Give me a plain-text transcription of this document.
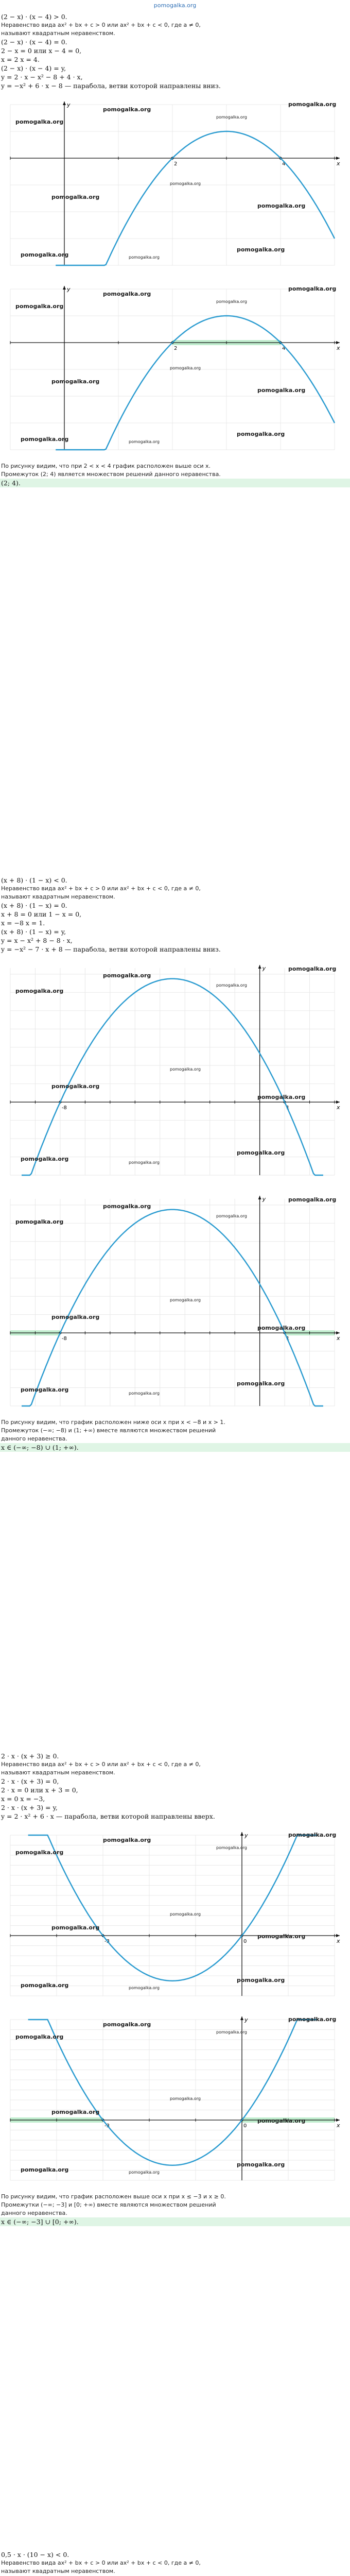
pomogalka.org
(2 − x) · (x − 4) > 0.
Неравенство вида ax² + bx + c > 0 или ax² + bx + c < 0, где a ≠ 0,
называют квадратным неравенством.
(2 − x) · (x − 4) = 0.
2 − x = 0 или x − 4 = 0,
x = 2 x = 4.
(2 − x) · (x − 4) = y,
y = 2 · x − x² − 8 + 4 · x,
y = −x² + 6 · x − 8 — парабола, ветви которой направлены вниз.
x
y
2	4
pomogalka.org
pomogalka.org
pomogalka.org
pomogalka.org
pomogalka.org
pomogalka.org
pomogalka.org
pomogalka.org	pomogalka.org
pomogalka.org
x
y
2	4
pomogalka.org
pomogalka.org
pomogalka.org
pomogalka.org
pomogalka.org
pomogalka.org
pomogalka.org
pomogalka.org	pomogalka.org
pomogalka.org
По рисунку видим, что при 2 < x < 4 график расположен выше оси x.
Промежуток (2; 4) является множеством решений данного неравенства.
(2; 4).
(x + 8) · (1 − x) < 0.
Неравенство вида ax² + bx + c > 0 или ax² + bx + c < 0, где a ≠ 0,
называют квадратным неравенством.
(x + 8) · (1 − x) = 0.
x + 8 = 0 или 1 − x = 0,
x = −8 x = 1.
(x + 8) · (1 − x) = y,
y = x − x² + 8 − 8 · x,
y = −x² − 7 · x + 8 — парабола, ветви которой направлены вниз.
x
y
-8	1
pomogalka.org
pomogalka.org
pomogalka.org
pomogalka.org
pomogalka.org
pomogalka.org
pomogalka.org
pomogalka.org
pomogalka.org
pomogalka.org
x
y
-8	1
pomogalka.org
pomogalka.org
pomogalka.org
pomogalka.org
pomogalka.org
pomogalka.org
pomogalka.org
pomogalka.org
pomogalka.org
pomogalka.org
По рисунку видим, что график расположен ниже оси x при x < −8 и x > 1.
Промежуток (−∞; −8) и (1; +∞) вместе являются множеством решений
данного неравенства.
x ∈ (−∞; −8) ∪ (1; +∞).
2 · x · (x + 3) ≥ 0.
Неравенство вида ax² + bx + c > 0 или ax² + bx + c < 0, где a ≠ 0,
называют квадратным неравенством.
2 · x · (x + 3) = 0,
2 · x = 0 или x + 3 = 0,
x = 0 x = −3,
2 · x · (x + 3) = y,
y = 2 · x² + 6 · x — парабола, ветви которой направлены вверх.
x
y
-3	0
pomogalka.org
pomogalka.org
pomogalka.org
pomogalka.org
pomogalka.org
pomogalka.org
pomogalka.org
pomogalka.org	pomogalka.org
pomogalka.org
x
y
-3	0
pomogalka.org
pomogalka.org
pomogalka.org
pomogalka.org
pomogalka.org
pomogalka.org
pomogalka.org
pomogalka.org	pomogalka.org
pomogalka.org
По рисунку видим, что график расположен выше оси x при x ≤ −3 и x ≥ 0.
Промежутки (−∞; −3] и [0; +∞) вместе являются множеством решений
данного неравенства.
x ∈ (−∞; −3] ∪ [0; +∞).
0,5 · x · (10 − x) < 0.
Неравенство вида ax² + bx + c > 0 или ax² + bx + c < 0, где a ≠ 0,
называют квадратным неравенством.
